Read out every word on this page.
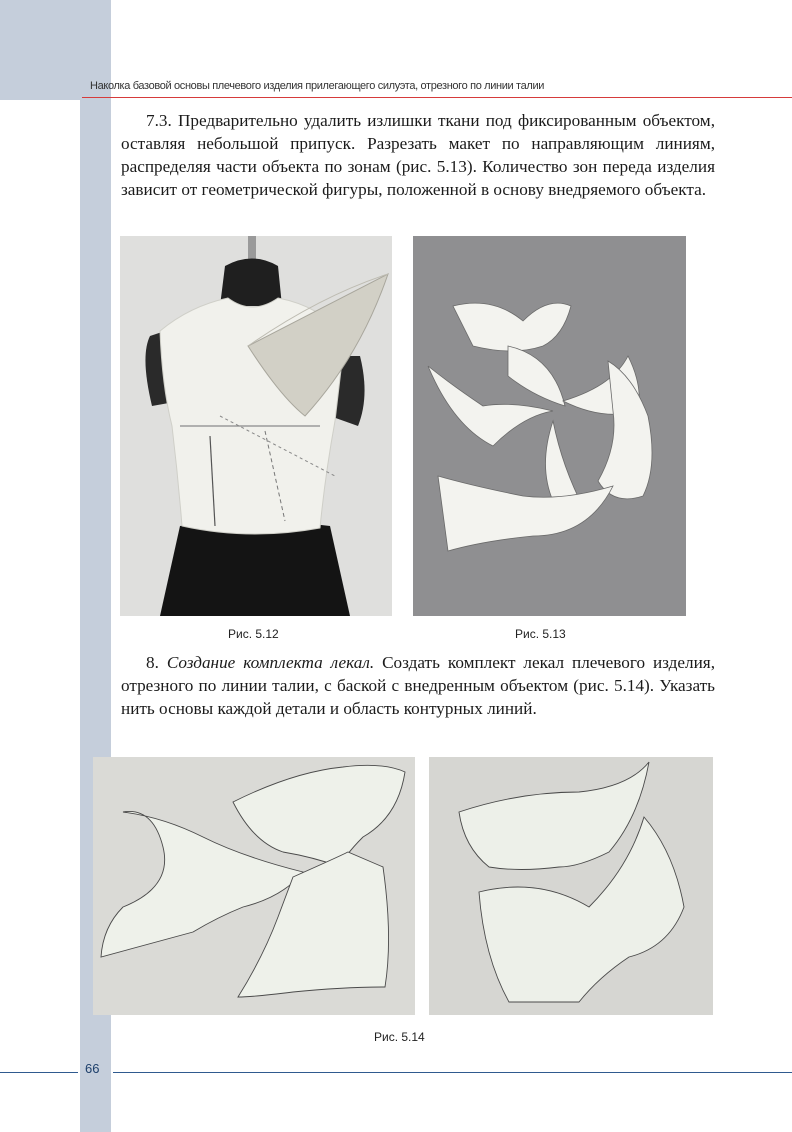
Наколка базовой основы плечевого изделия прилегающего силуэта, отрезного по линии талии

7.3. Предварительно удалить излишки ткани под фиксированным объектом, оставляя небольшой припуск. Разрезать макет по направляющим линиям, распределяя части объекта по зонам (рис. 5.13). Количество зон переда изделия зависит от геометрической фигуры, положенной в основу внедряемого объекта.

Рис. 5.12	Рис. 5.13

8. Создание комплекта лекал. Создать комплект лекал плечевого изделия, отрезного по линии талии, с баской с внедренным объектом (рис. 5.14). Указать нить основы каждой детали и область контурных линий.

Рис. 5.14
66
